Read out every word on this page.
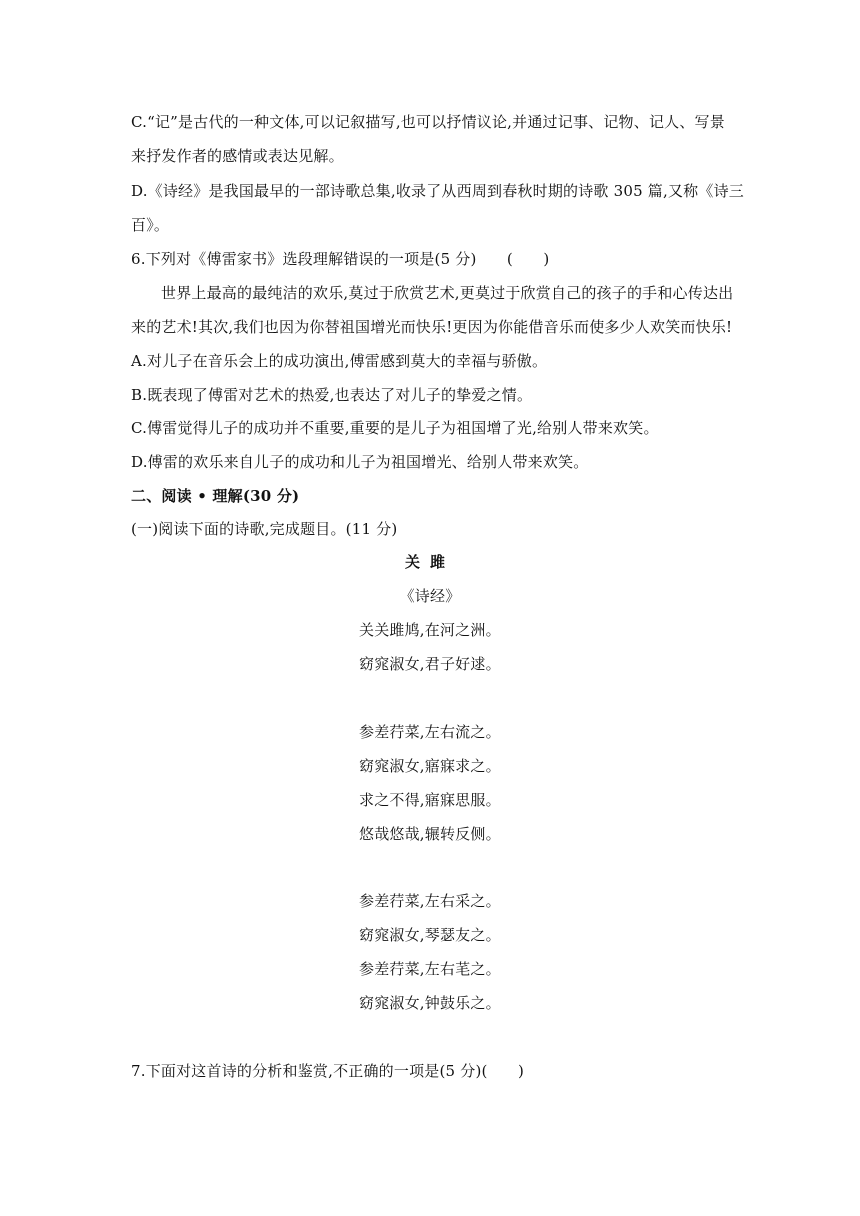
C.“记”是古代的一种文体,可以记叙描写,也可以抒情议论,并通过记事、记物、记人、写景
来抒发作者的感情或表达见解。
D.《诗经》是我国最早的一部诗歌总集,收录了从西周到春秋时期的诗歌 305 篇,又称《诗三
百》。
6.下列对《傅雷家书》选段理解错误的一项是(5 分)　　(　　)
世界上最高的最纯洁的欢乐,莫过于欣赏艺术,更莫过于欣赏自己的孩子的手和心传达出
来的艺术!其次,我们也因为你替祖国增光而快乐!更因为你能借音乐而使多少人欢笑而快乐!
A.对儿子在音乐会上的成功演出,傅雷感到莫大的幸福与骄傲。
B.既表现了傅雷对艺术的热爱,也表达了对儿子的挚爱之情。
C.傅雷觉得儿子的成功并不重要,重要的是儿子为祖国增了光,给别人带来欢笑。
D.傅雷的欢乐来自儿子的成功和儿子为祖国增光、给别人带来欢笑。
二、阅读 • 理解(30 分)
(一)阅读下面的诗歌,完成题目。(11 分)
关雎
《诗经》
关关雎鸠,在河之洲。
窈窕淑女,君子好逑。
参差荇菜,左右流之。
窈窕淑女,寤寐求之。
求之不得,寤寐思服。
悠哉悠哉,辗转反侧。
参差荇菜,左右采之。
窈窕淑女,琴瑟友之。
参差荇菜,左右芼之。
窈窕淑女,钟鼓乐之。
7.下面对这首诗的分析和鉴赏,不正确的一项是(5 分)(　　)
